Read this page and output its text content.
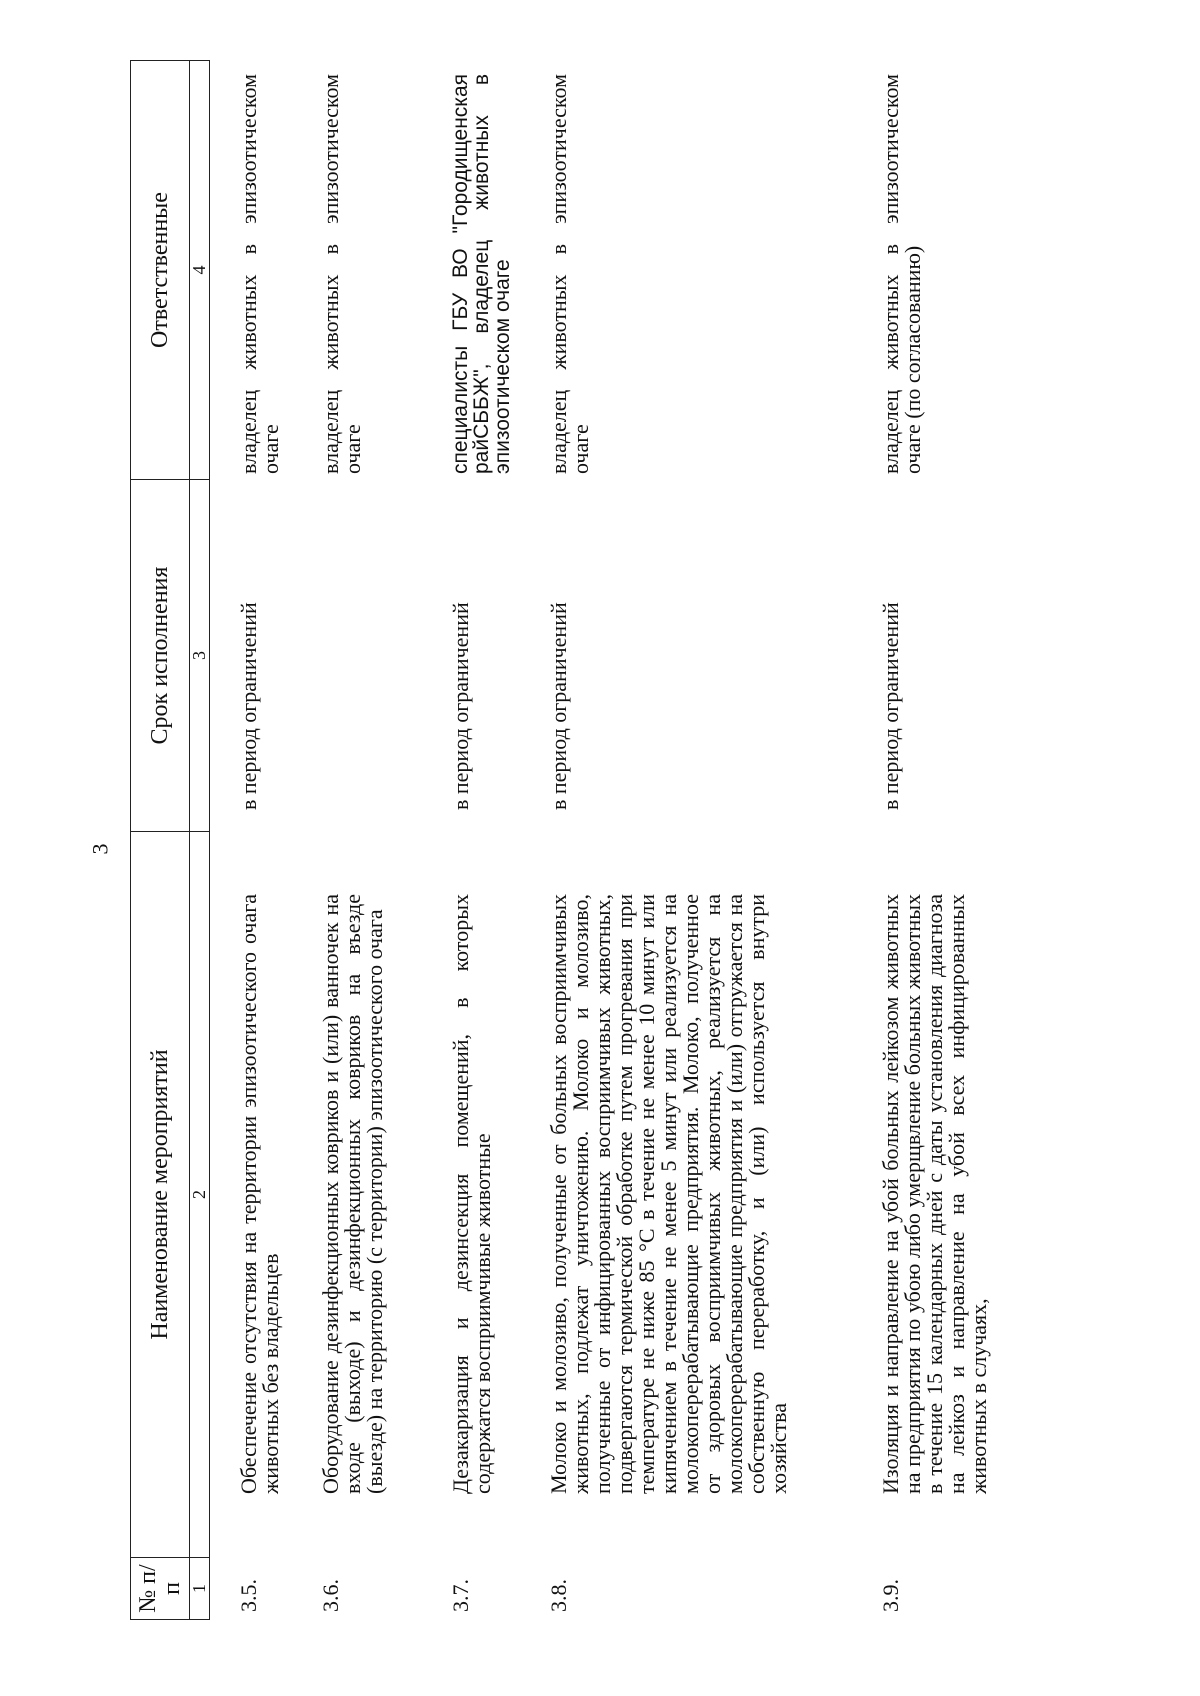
3
№ п/п
Наименование мероприятий
Срок исполнения
Ответственные
1
2
3
4
3.5.
Обеспечение отсутствия на территории эпизоотического очага животных без владельцев
в период ограничений
владелец животных в эпизоотическом очаге
3.6.
Оборудование дезинфекционных ковриков и (или) ванночек на входе (выходе) и дезинфекционных ковриков на въезде (выезде) на территорию (с территории) эпизоотического очага
владелец животных в эпизоотическом очаге
3.7.
Дезакаризация и дезинсекция помещений, в которых содержатся восприимчивые животные
в период ограничений
специалисты ГБУ ВО "Городищенская райСББЖ", владелец животных в эпизоотическом очаге
3.8.
Молоко и молозиво, полученные от больных восприимчивых животных, подлежат уничтожению. Молоко и молозиво, полученные от инфицированных восприимчивых животных, подвергаются термической обработке путем прогревания при температуре не ниже 85 °С в течение не менее 10 минут или кипячением в течение не менее 5 минут или реализуется на молокоперерабатывающие предприятия. Молоко, полученное от здоровых восприимчивых животных, реализуется на молокоперерабатывающие предприятия и (или) отгружается на собственную переработку, и (или) используется внутри хозяйства
в период ограничений
владелец животных в эпизоотическом очаге
3.9.
Изоляция и направление на убой больных лейкозом животных на предприятия по убою либо умерщвление больных животных в течение 15 календарных дней с даты установления диагноза на лейкоз и направление на убой всех инфицированных животных в случаях,
в период ограничений
владелец животных в эпизоотическом очаге (по согласованию)
